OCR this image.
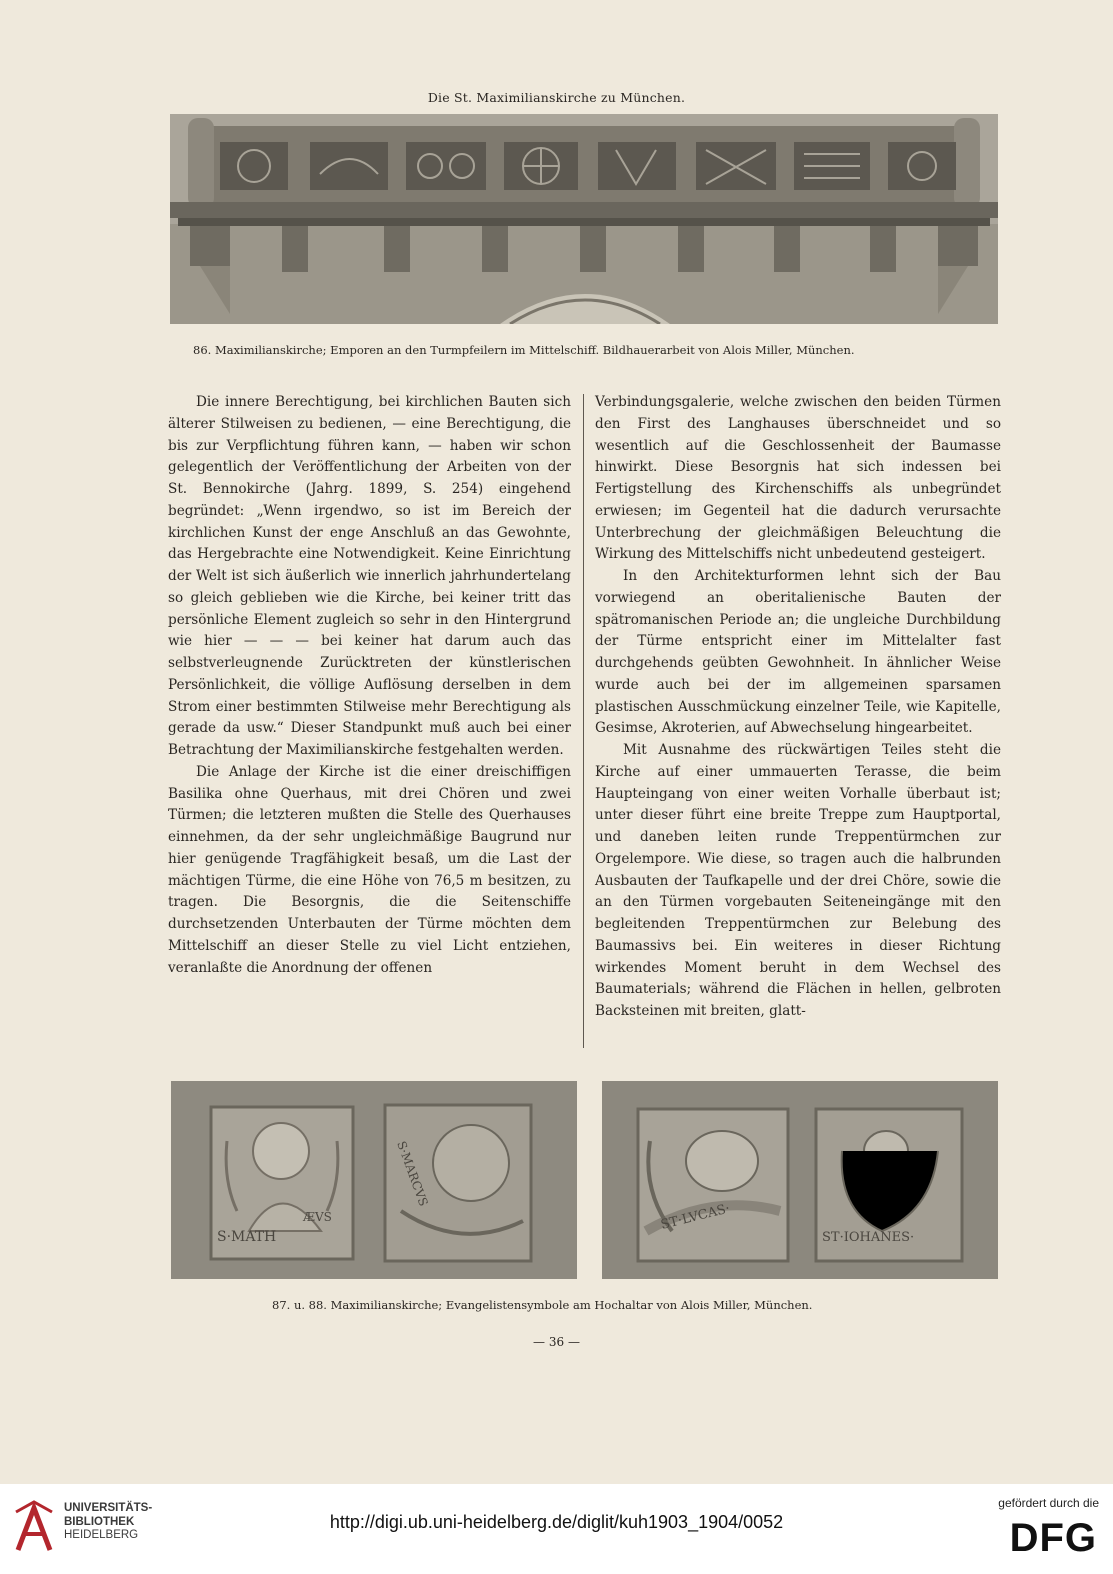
Die St. Maximilianskirche zu München.
86. Maximilianskirche; Emporen an den Turmpfeilern im Mittelschiff. Bildhauerarbeit von Alois Miller, München.

Die innere Berechtigung, bei kirchlichen Bauten sich älterer Stilweisen zu bedienen, — eine Berechtigung, die bis zur Verpflichtung führen kann, — haben wir schon gelegentlich der Veröffentlichung der Arbeiten von der St. Bennokirche (Jahrg. 1899, S. 254) eingehend begründet: „Wenn irgendwo, so ist im Bereich der kirchlichen Kunst der enge Anschluß an das Gewohnte, das Hergebrachte eine Notwendigkeit. Keine Einrichtung der Welt ist sich äußerlich wie innerlich jahrhundertelang so gleich geblieben wie die Kirche, bei keiner tritt das persönliche Element zugleich so sehr in den Hintergrund wie hier — — — bei keiner hat darum auch das selbstverleugnende Zurücktreten der künstlerischen Persönlichkeit, die völlige Auflösung derselben in dem Strom einer bestimmten Stilweise mehr Berechtigung als gerade da usw.“ Dieser Standpunkt muß auch bei einer Betrachtung der Maximilianskirche festgehalten werden.

Die Anlage der Kirche ist die einer dreischiffigen Basilika ohne Querhaus, mit drei Chören und zwei Türmen; die letzteren mußten die Stelle des Querhauses einnehmen, da der sehr ungleichmäßige Baugrund nur hier genügende Tragfähigkeit besaß, um die Last der mächtigen Türme, die eine Höhe von 76,5 m besitzen, zu tragen. Die Besorgnis, die die Seitenschiffe durchsetzenden Unterbauten der Türme möchten dem Mittelschiff an dieser Stelle zu viel Licht entziehen, veranlaßte die Anordnung der offenen

Verbindungsgalerie, welche zwischen den beiden Türmen den First des Langhauses überschneidet und so wesentlich auf die Geschlossenheit der Baumasse hinwirkt. Diese Besorgnis hat sich indessen bei Fertigstellung des Kirchenschiffs als unbegründet erwiesen; im Gegenteil hat die dadurch verursachte Unterbrechung der gleichmäßigen Beleuchtung die Wirkung des Mittelschiffs nicht unbedeutend gesteigert.

In den Architekturformen lehnt sich der Bau vorwiegend an oberitalienische Bauten der spätromanischen Periode an; die ungleiche Durchbildung der Türme entspricht einer im Mittelalter fast durchgehends geübten Gewohnheit. In ähnlicher Weise wurde auch bei der im allgemeinen sparsamen plastischen Ausschmückung einzelner Teile, wie Kapitelle, Gesimse, Akroterien, auf Abwechselung hingearbeitet.

Mit Ausnahme des rückwärtigen Teiles steht die Kirche auf einer ummauerten Terasse, die beim Haupteingang von einer weiten Vorhalle überbaut ist; unter dieser führt eine breite Treppe zum Hauptportal, und daneben leiten runde Treppentürmchen zur Orgelempore. Wie diese, so tragen auch die halbrunden Ausbauten der Taufkapelle und der drei Chöre, sowie die an den Türmen vorgebauten Seiteneingänge mit den begleitenden Treppentürmchen zur Belebung des Baumassivs bei. Ein weiteres in dieser Richtung wirkendes Moment beruht in dem Wechsel des Baumaterials; während die Flächen in hellen, gelbroten Backsteinen mit breiten, glatt-

S·MATH
ÆVS
S·MARCVS
ST·LVCAS·
ST·IOHANES·
87. u. 88. Maximilianskirche; Evangelistensymbole am Hochaltar von Alois Miller, München.
— 36 —
UNIVERSITÄTS-
BIBLIOTHEK
HEIDELBERG
http://digi.ub.uni-heidelberg.de/diglit/kuh1903_1904/0052
gefördert durch die
DFG
